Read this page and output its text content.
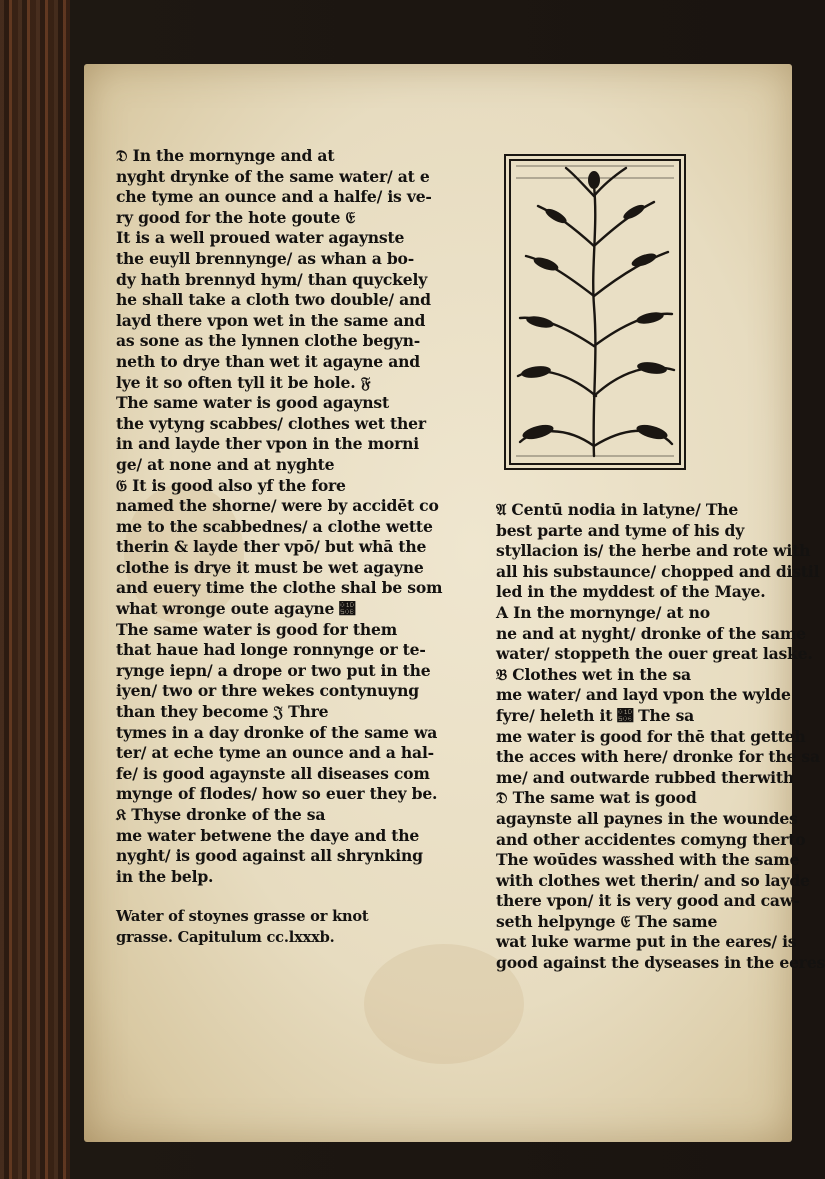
𝔇 In the mornynge and at
nyght drynke of the same water/ at e
che tyme an ounce and a halfe/ is ve-
ry good for the hote goute 𝔈
It is a well proued water agaynste
the euyll brennynge/ as whan a bo-
dy hath brennyd hym/ than quyckely
he shall take a cloth two double/ and
layd there vpon wet in the same and
as sone as the lynnen clothe begyn-
neth to drye than wet it agayne and
lye it so often tyll it be hole. 𝔉
The same water is good agaynst
the vytyng scabbes/ clothes wet ther
in and layde ther vpon in the morni
ge/ at none and at nyghte
𝔊 It is good also yf the fore
named the shorne/ were by accidēt co
me to the scabbednes/ a clothe wette
therin & layde ther vpō/ but whā the
clothe is drye it must be wet agayne
and euery time the clothe shal be som
what wronge oute agayne 𝔋
The same water is good for them
that haue had longe ronnynge or te-
rynge iepn/ a drope or two put in the
iyen/ two or thre wekes contynuyng
than they become 𝔍 Thre
tymes in a day dronke of the same wa
ter/ at eche tyme an ounce and a hal-
fe/ is good agaynste all diseases com
mynge of flodes/ how so euer they be.
𝔎 Thyse dronke of the sa
me water betwene the daye and the
nyght/ is good against all shrynking
in the belp.
Water of stoynes grasse or knot
grasse. Capitulum cc.lxxxb.
𝔄 Centū nodia in latyne/ The
best parte and tyme of his dy
styllacion is/ the herbe and rote with
all his substaunce/ chopped and distil
led in the myddest of the Maye.
A In the mornynge/ at no
ne and at nyght/ dronke of the same
water/ stoppeth the ouer great laske.
𝔅 Clothes wet in the sa
me water/ and layd vpon the wylde
fyre/ heleth it 𝔆 The sa
me water is good for thē that getteh
the acces with here/ dronke for the sa
me/ and outwarde rubbed therwith
𝔇 The same wat is good
agaynste all paynes in the woundes
and other accidentes comyng therto
The woūdes wasshed with the same
with clothes wet therin/ and so layde
there vpon/ it is very good and caw-
seth helpynge 𝔈 The same
wat luke warme put in the eares/ is
good against the dyseases in the eeres
